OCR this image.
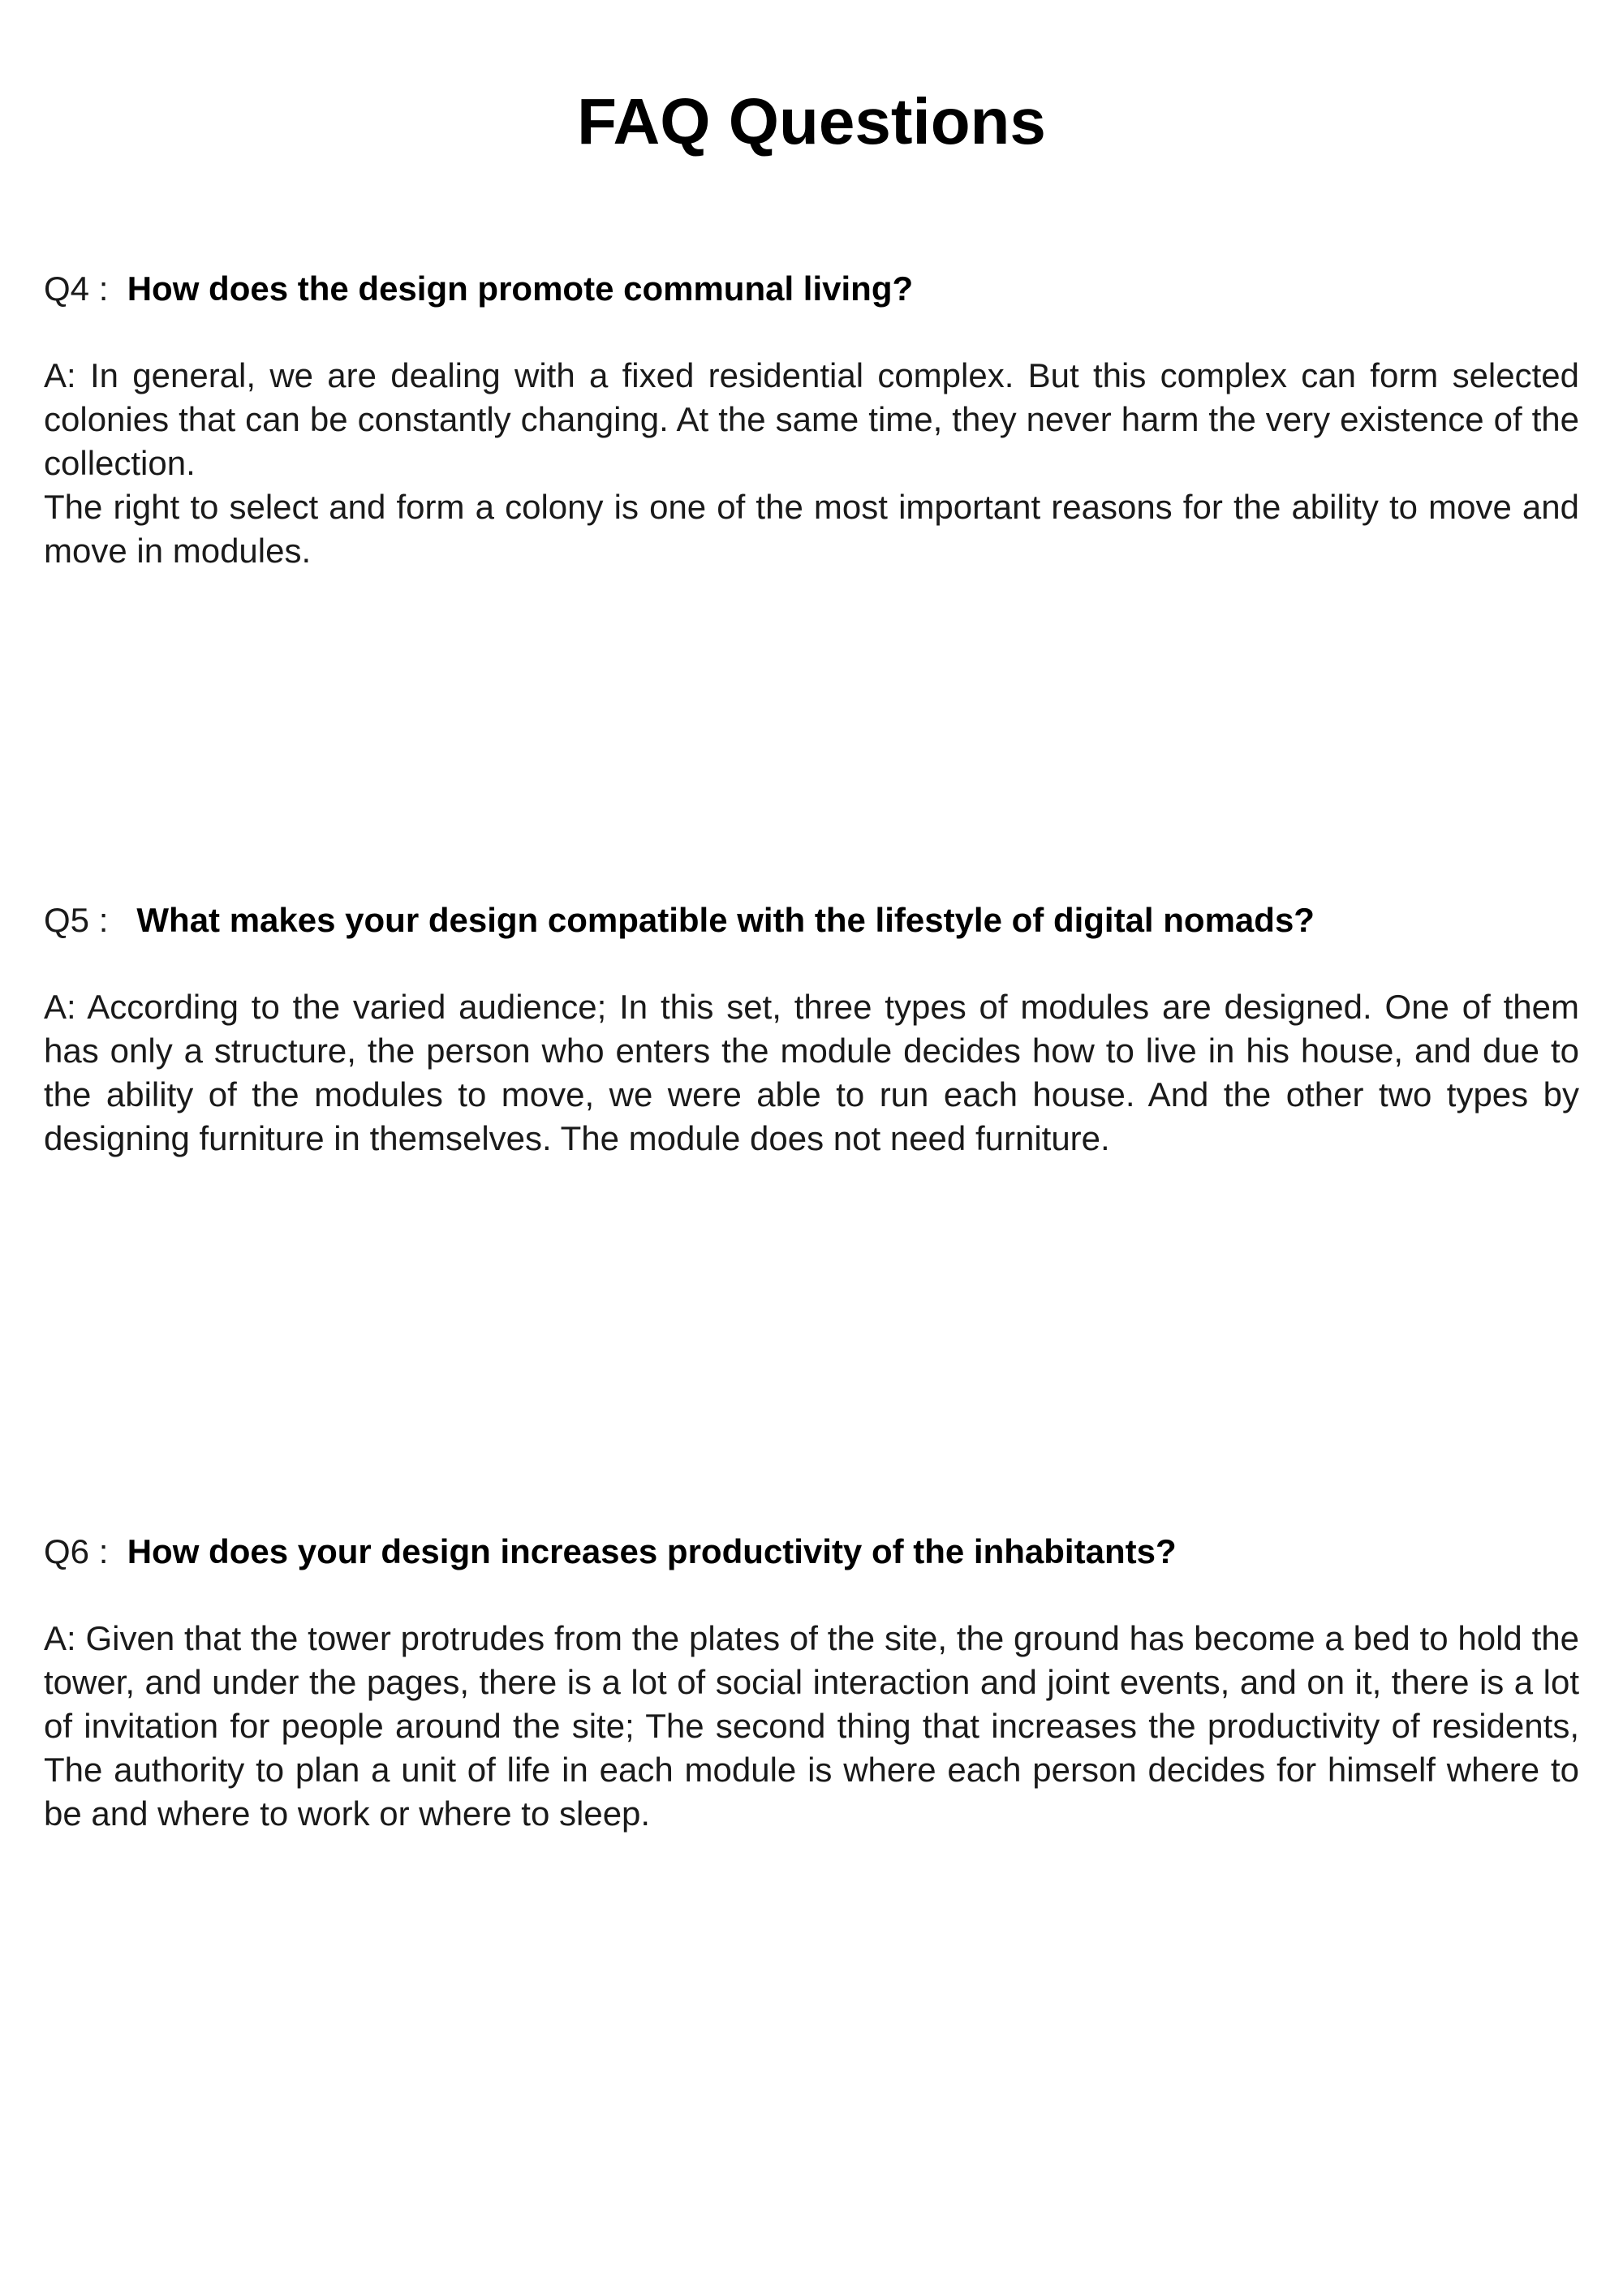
FAQ Questions

Q4 : How does the design promote communal living?

A: In general, we are dealing with a fixed residential complex. But this complex can form selected colonies that can be constantly changing. At the same time, they never harm the very existence of the collection.

The right to select and form a colony is one of the most important reasons for the ability to move and move in modules.

Q5 : What makes your design compatible with the lifestyle of digital nomads?

A: According to the varied audience; In this set, three types of modules are designed. One of them has only a structure, the person who enters the module decides how to live in his house, and due to the ability of the modules to move, we were able to run each house. And the other two types by designing furniture in themselves. The module does not need furniture.

Q6 : How does your design increases productivity of the inhabitants?

A: Given that the tower protrudes from the plates of the site, the ground has become a bed to hold the tower, and under the pages, there is a lot of social interaction and joint events, and on it, there is a lot of invitation for people around the site; The second thing that increases the productivity of residents, The authority to plan a unit of life in each module is where each person decides for himself where to be and where to work or where to sleep.
